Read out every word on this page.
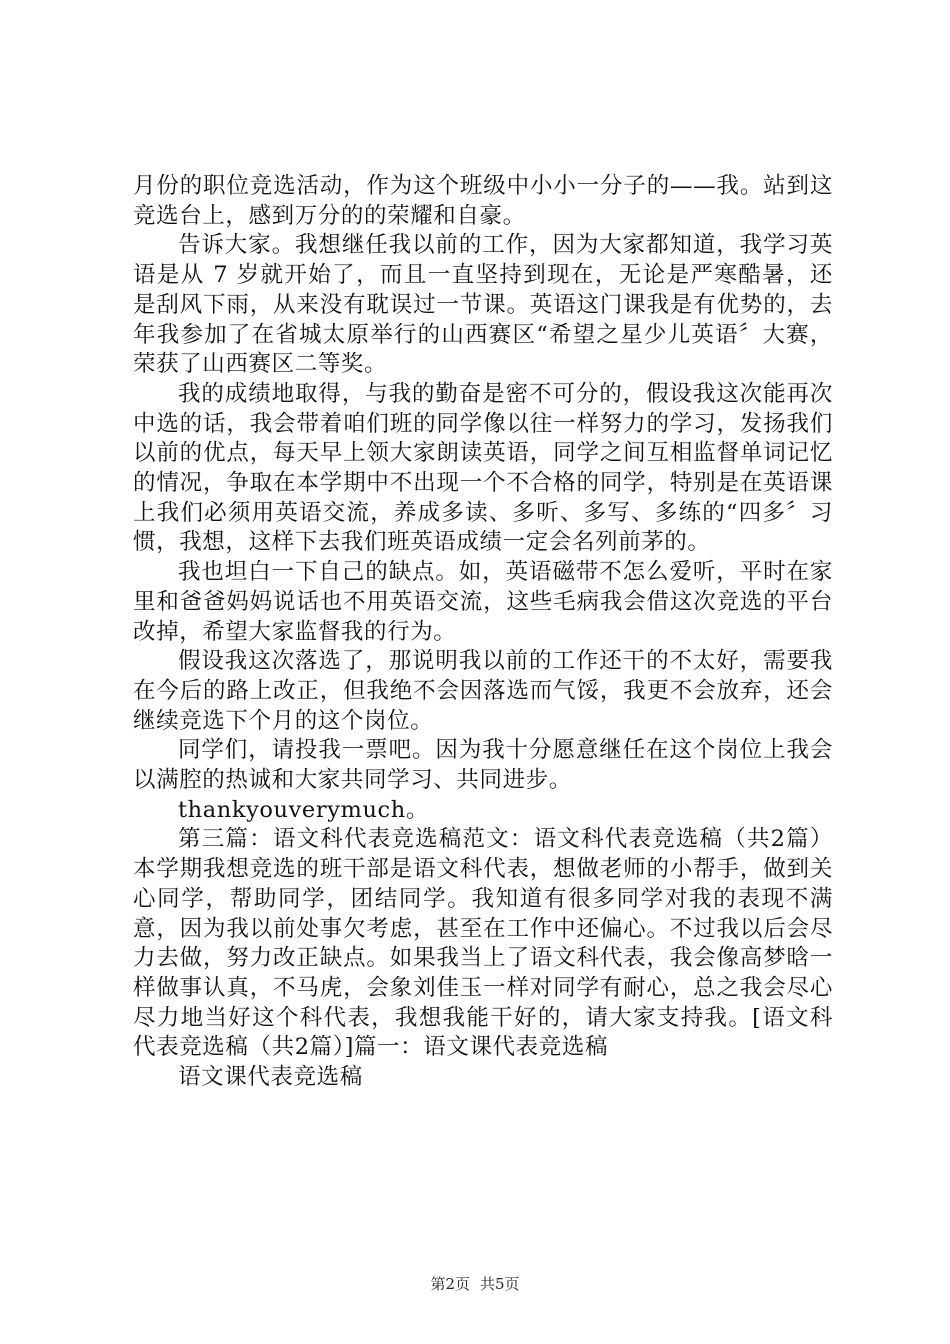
月份的职位竞选活动，作为这个班级中小小一分子的——我。站到这竞选台上，感到万分的的荣耀和自豪。

告诉大家。我想继任我以前的工作，因为大家都知道，我学习英语是从 7 岁就开始了，而且一直坚持到现在，无论是严寒酷暑，还是刮风下雨，从来没有耽误过一节课。英语这门课我是有优势的，去年我参加了在省城太原举行的山西赛区“希望之星少儿英语〞大赛，荣获了山西赛区二等奖。

我的成绩地取得，与我的勤奋是密不可分的，假设我这次能再次中选的话，我会带着咱们班的同学像以往一样努力的学习，发扬我们以前的优点，每天早上领大家朗读英语，同学之间互相监督单词记忆的情况，争取在本学期中不出现一个不合格的同学，特别是在英语课上我们必须用英语交流，养成多读、多听、多写、多练的“四多〞习惯，我想，这样下去我们班英语成绩一定会名列前茅的。

我也坦白一下自己的缺点。如，英语磁带不怎么爱听，平时在家里和爸爸妈妈说话也不用英语交流，这些毛病我会借这次竞选的平台改掉，希望大家监督我的行为。

假设我这次落选了，那说明我以前的工作还干的不太好，需要我在今后的路上改正，但我绝不会因落选而气馁，我更不会放弃，还会继续竞选下个月的这个岗位。

同学们，请投我一票吧。因为我十分愿意继任在这个岗位上我会以满腔的热诚和大家共同学习、共同进步。

thankyouverymuch。

第三篇：语文科代表竞选稿范文：语文科代表竞选稿（共2篇）本学期我想竞选的班干部是语文科代表，想做老师的小帮手，做到关心同学，帮助同学，团结同学。我知道有很多同学对我的表现不满意，因为我以前处事欠考虑，甚至在工作中还偏心。不过我以后会尽力去做，努力改正缺点。如果我当上了语文科代表，我会像高梦晗一样做事认真，不马虎，会象刘佳玉一样对同学有耐心，总之我会尽心尽力地当好这个科代表，我想我能干好的，请大家支持我。[语文科代表竞选稿（共2篇）]篇一：语文课代表竞选稿

语文课代表竞选稿

第2页 共5页
